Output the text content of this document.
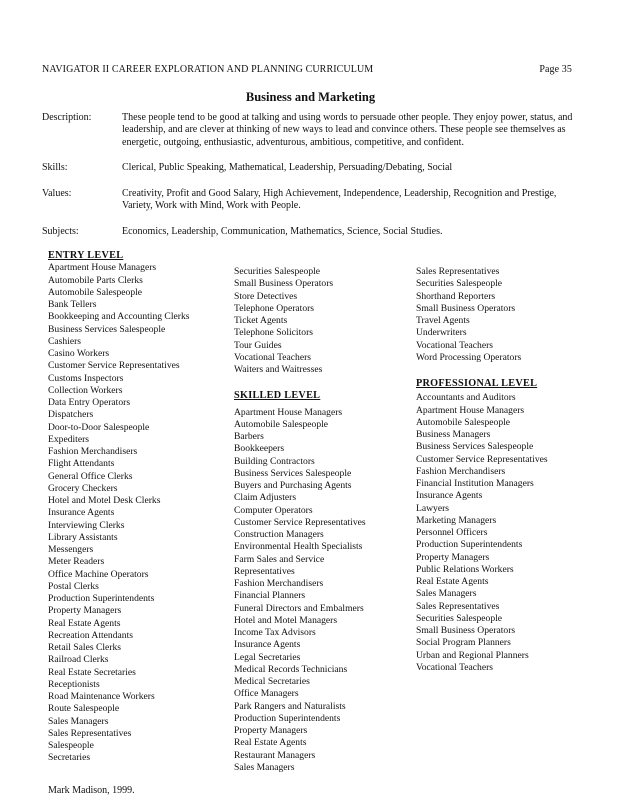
NAVIGATOR II CAREER EXPLORATION AND PLANNING CURRICULUM	Page 35
Business and Marketing
Description:	These people tend to be good at talking and using words to persuade other people. They enjoy power, status, and leadership, and are clever at thinking of new ways to lead and convince others. These people see themselves as energetic, outgoing, enthusiastic, adventurous, ambitious, competitive, and confident.
Skills:	Clerical, Public Speaking, Mathematical, Leadership, Persuading/Debating, Social
Values:	Creativity, Profit and Good Salary, High Achievement, Independence, Leadership, Recognition and Prestige, Variety, Work with Mind, Work with People.
Subjects:	Economics, Leadership, Communication, Mathematics, Science, Social Studies.
ENTRY LEVEL
Apartment House Managers
Automobile Parts Clerks
Automobile Salespeople
Bank Tellers
Bookkeeping and Accounting Clerks
Business Services Salespeople
Cashiers
Casino Workers
Customer Service Representatives
Customs Inspectors
Collection Workers
Data Entry Operators
Dispatchers
Door-to-Door Salespeople
Expediters
Fashion Merchandisers
Flight Attendants
General Office Clerks
Grocery Checkers
Hotel and Motel Desk Clerks
Insurance Agents
Interviewing Clerks
Library Assistants
Messengers
Meter Readers
Office Machine Operators
Postal Clerks
Production Superintendents
Property Managers
Real Estate Agents
Recreation Attendants
Retail Sales Clerks
Railroad Clerks
Real Estate Secretaries
Receptionists
Road Maintenance Workers
Route Salespeople
Sales Managers
Sales Representatives
Salespeople
Secretaries
Securities Salespeople
Small Business Operators
Store Detectives
Telephone Operators
Ticket Agents
Telephone Solicitors
Tour Guides
Vocational Teachers
Waiters and Waitresses
SKILLED LEVEL
Apartment House Managers
Automobile Salespeople
Barbers
Bookkeepers
Building Contractors
Business Services Salespeople
Buyers and Purchasing Agents
Claim Adjusters
Computer Operators
Customer Service Representatives
Construction Managers
Environmental Health Specialists
Farm Sales and Service
Representatives
Fashion Merchandisers
Financial Planners
Funeral Directors and Embalmers
Hotel and Motel Managers
Income Tax Advisors
Insurance Agents
Legal Secretaries
Medical Records Technicians
Medical Secretaries
Office Managers
Park Rangers and Naturalists
Production Superintendents
Property Managers
Real Estate Agents
Restaurant Managers
Sales Managers
Sales Representatives
Securities Salespeople
Shorthand Reporters
Small Business Operators
Travel Agents
Underwriters
Vocational Teachers
Word Processing Operators
PROFESSIONAL LEVEL
Accountants and Auditors
Apartment House Managers
Automobile Salespeople
Business Managers
Business Services Salespeople
Customer Service Representatives
Fashion Merchandisers
Financial Institution Managers
Insurance Agents
Lawyers
Marketing Managers
Personnel Officers
Production Superintendents
Property Managers
Public Relations Workers
Real Estate Agents
Sales Managers
Sales Representatives
Securities Salespeople
Small Business Operators
Social Program Planners
Urban and Regional Planners
Vocational Teachers
Mark Madison, 1999.
